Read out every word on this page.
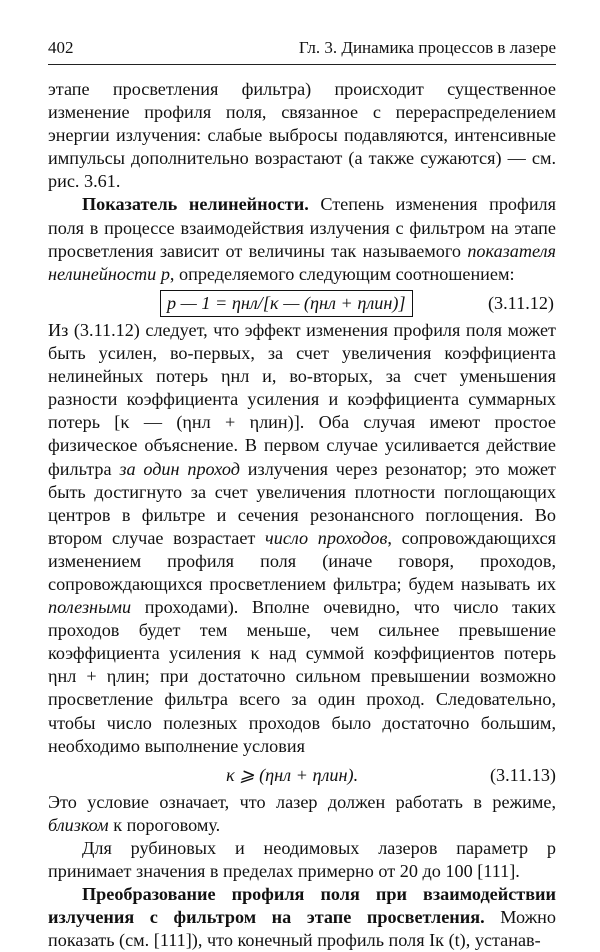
402	Гл. 3. Динамика процессов в лазере

этапе просветления фильтра) происходит существенное изменение профиля поля, связанное с перераспределением энергии излучения: слабые выбросы подавляются, интенсивные импульсы дополнительно возрастают (а также сужаются) — см. рис. 3.61.

Показатель нелинейности. Степень изменения профиля поля в процессе взаимодействия излучения с фильтром на этапе просветления зависит от величины так называемого показателя нелинейности p, определяемого следующим соотношением:

p — 1 = ηнл/[κ — (ηнл + ηлин)]	(3.11.12)

Из (3.11.12) следует, что эффект изменения профиля поля может быть усилен, во-первых, за счет увеличения коэффициента нелинейных потерь ηнл и, во-вторых, за счет уменьшения разности коэффициента усиления и коэффициента суммарных потерь [κ — (ηнл + ηлин)]. Оба случая имеют простое физическое объяснение. В первом случае усиливается действие фильтра за один проход излучения через резонатор; это может быть достигнуто за счет увеличения плотности поглощающих центров в фильтре и сечения резонансного поглощения. Во втором случае возрастает число проходов, сопровождающихся изменением профиля поля (иначе говоря, проходов, сопровождающихся просветлением фильтра; будем называть их полезными проходами). Вполне очевидно, что число таких проходов будет тем меньше, чем сильнее превышение коэффициента усиления κ над суммой коэффициентов потерь ηнл + ηлин; при достаточно сильном превышении возможно просветление фильтра всего за один проход. Следовательно, чтобы число полезных проходов было достаточно большим, необходимо выполнение условия

κ ⩾ (ηнл + ηлин).	(3.11.13)

Это условие означает, что лазер должен работать в режиме, близком к пороговому.

Для рубиновых и неодимовых лазеров параметр p принимает значения в пределах примерно от 20 до 100 [111].

Преобразование профиля поля при взаимодействии излучения с фильтром на этапе просветления. Можно показать (см. [111]), что конечный профиль поля Iк (t), устанав-
